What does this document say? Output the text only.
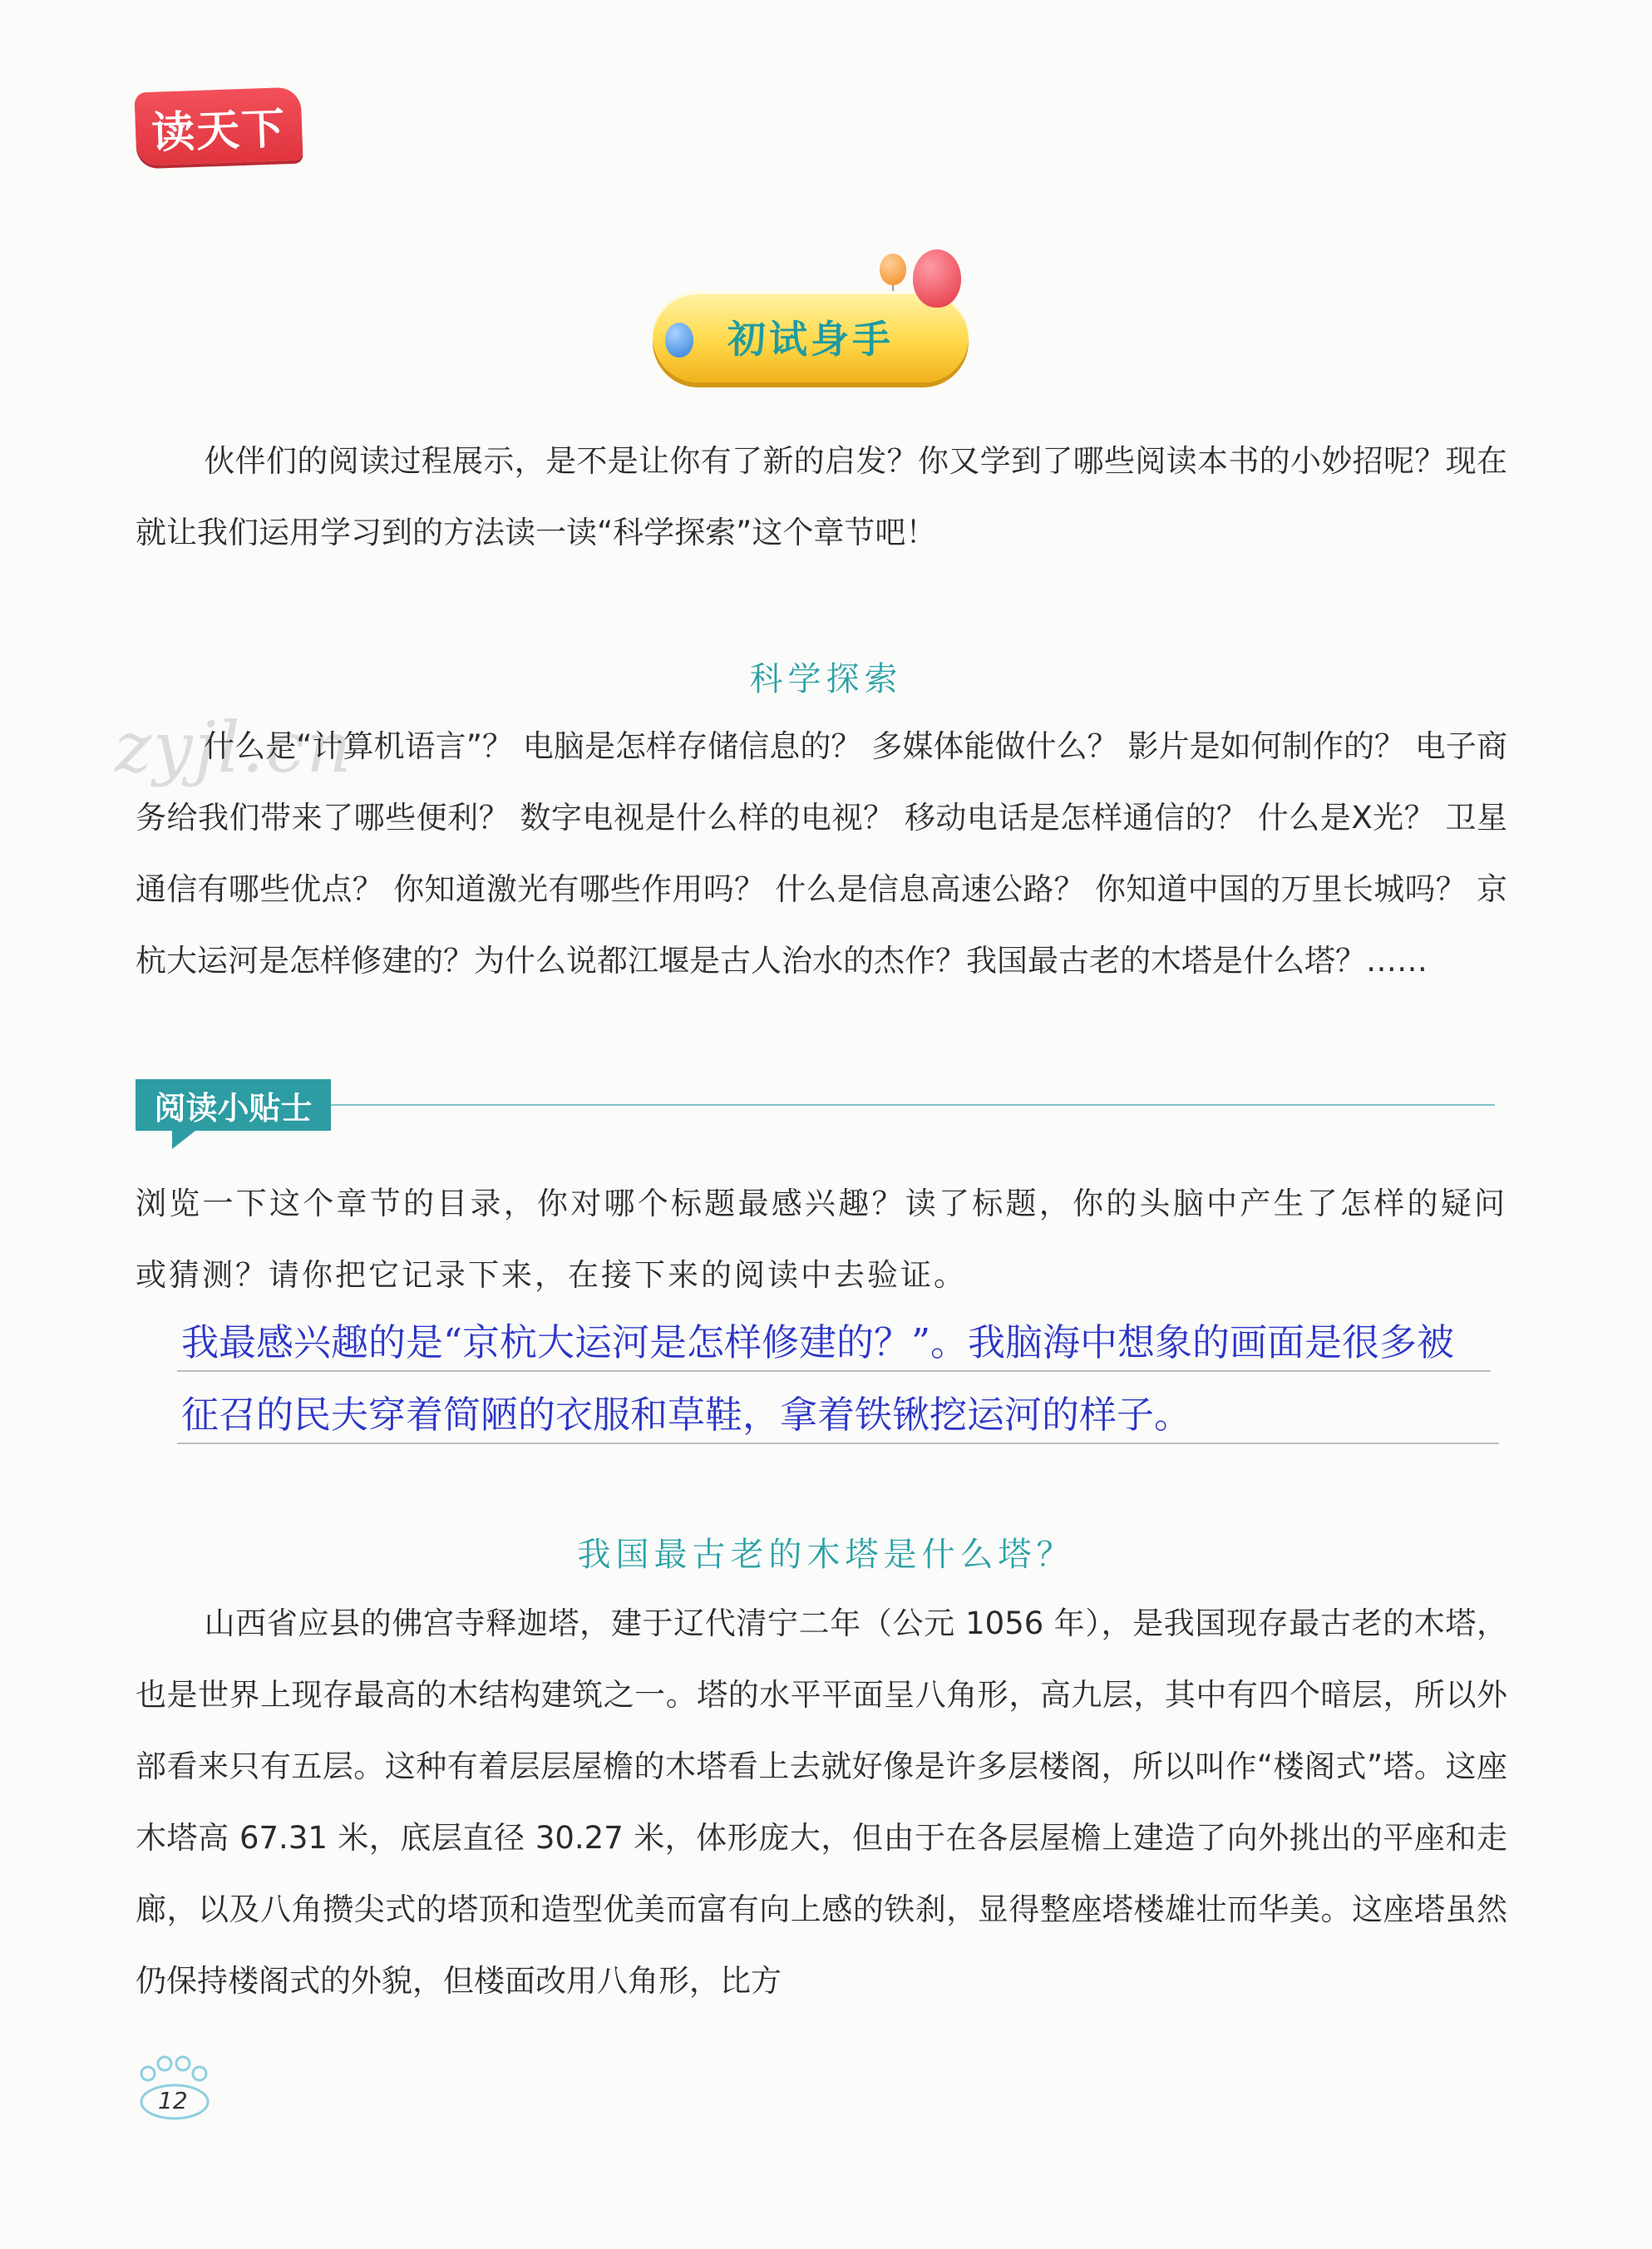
读天下
初试身手

伙伴们的阅读过程展示，是不是让你有了新的启发？你又学到了哪些阅读本书的小妙招呢？现在就让我们运用学习到的方法读一读“科学探索”这个章节吧！

科学探索
zyjl.cn

什么是“计算机语言”？ 电脑是怎样存储信息的？ 多媒体能做什么？ 影片是如何制作的？ 电子商务给我们带来了哪些便利？ 数字电视是什么样的电视？ 移动电话是怎样通信的？ 什么是X光？ 卫星通信有哪些优点？ 你知道激光有哪些作用吗？ 什么是信息高速公路？ 你知道中国的万里长城吗？ 京杭大运河是怎样修建的？为什么说都江堰是古人治水的杰作？我国最古老的木塔是什么塔？……

阅读小贴士

浏览一下这个章节的目录，你对哪个标题最感兴趣？读了标题，你的头脑中产生了怎样的疑问或猜测？请你把它记录下来，在接下来的阅读中去验证。

我最感兴趣的是“京杭大运河是怎样修建的？”。我脑海中想象的画面是很多被
征召的民夫穿着简陋的衣服和草鞋，拿着铁锹挖运河的样子。
我国最古老的木塔是什么塔？

山西省应县的佛宫寺释迦塔，建于辽代清宁二年（公元 1056 年），是我国现存最古老的木塔，也是世界上现存最高的木结构建筑之一。塔的水平平面呈八角形，高九层，其中有四个暗层，所以外部看来只有五层。这种有着层层屋檐的木塔看上去就好像是许多层楼阁，所以叫作“楼阁式”塔。这座木塔高 67.31 米，底层直径 30.27 米，体形庞大，但由于在各层屋檐上建造了向外挑出的平座和走廊，以及八角攒尖式的塔顶和造型优美而富有向上感的铁刹，显得整座塔楼雄壮而华美。这座塔虽然仍保持楼阁式的外貌，但楼面改用八角形，比方

12
